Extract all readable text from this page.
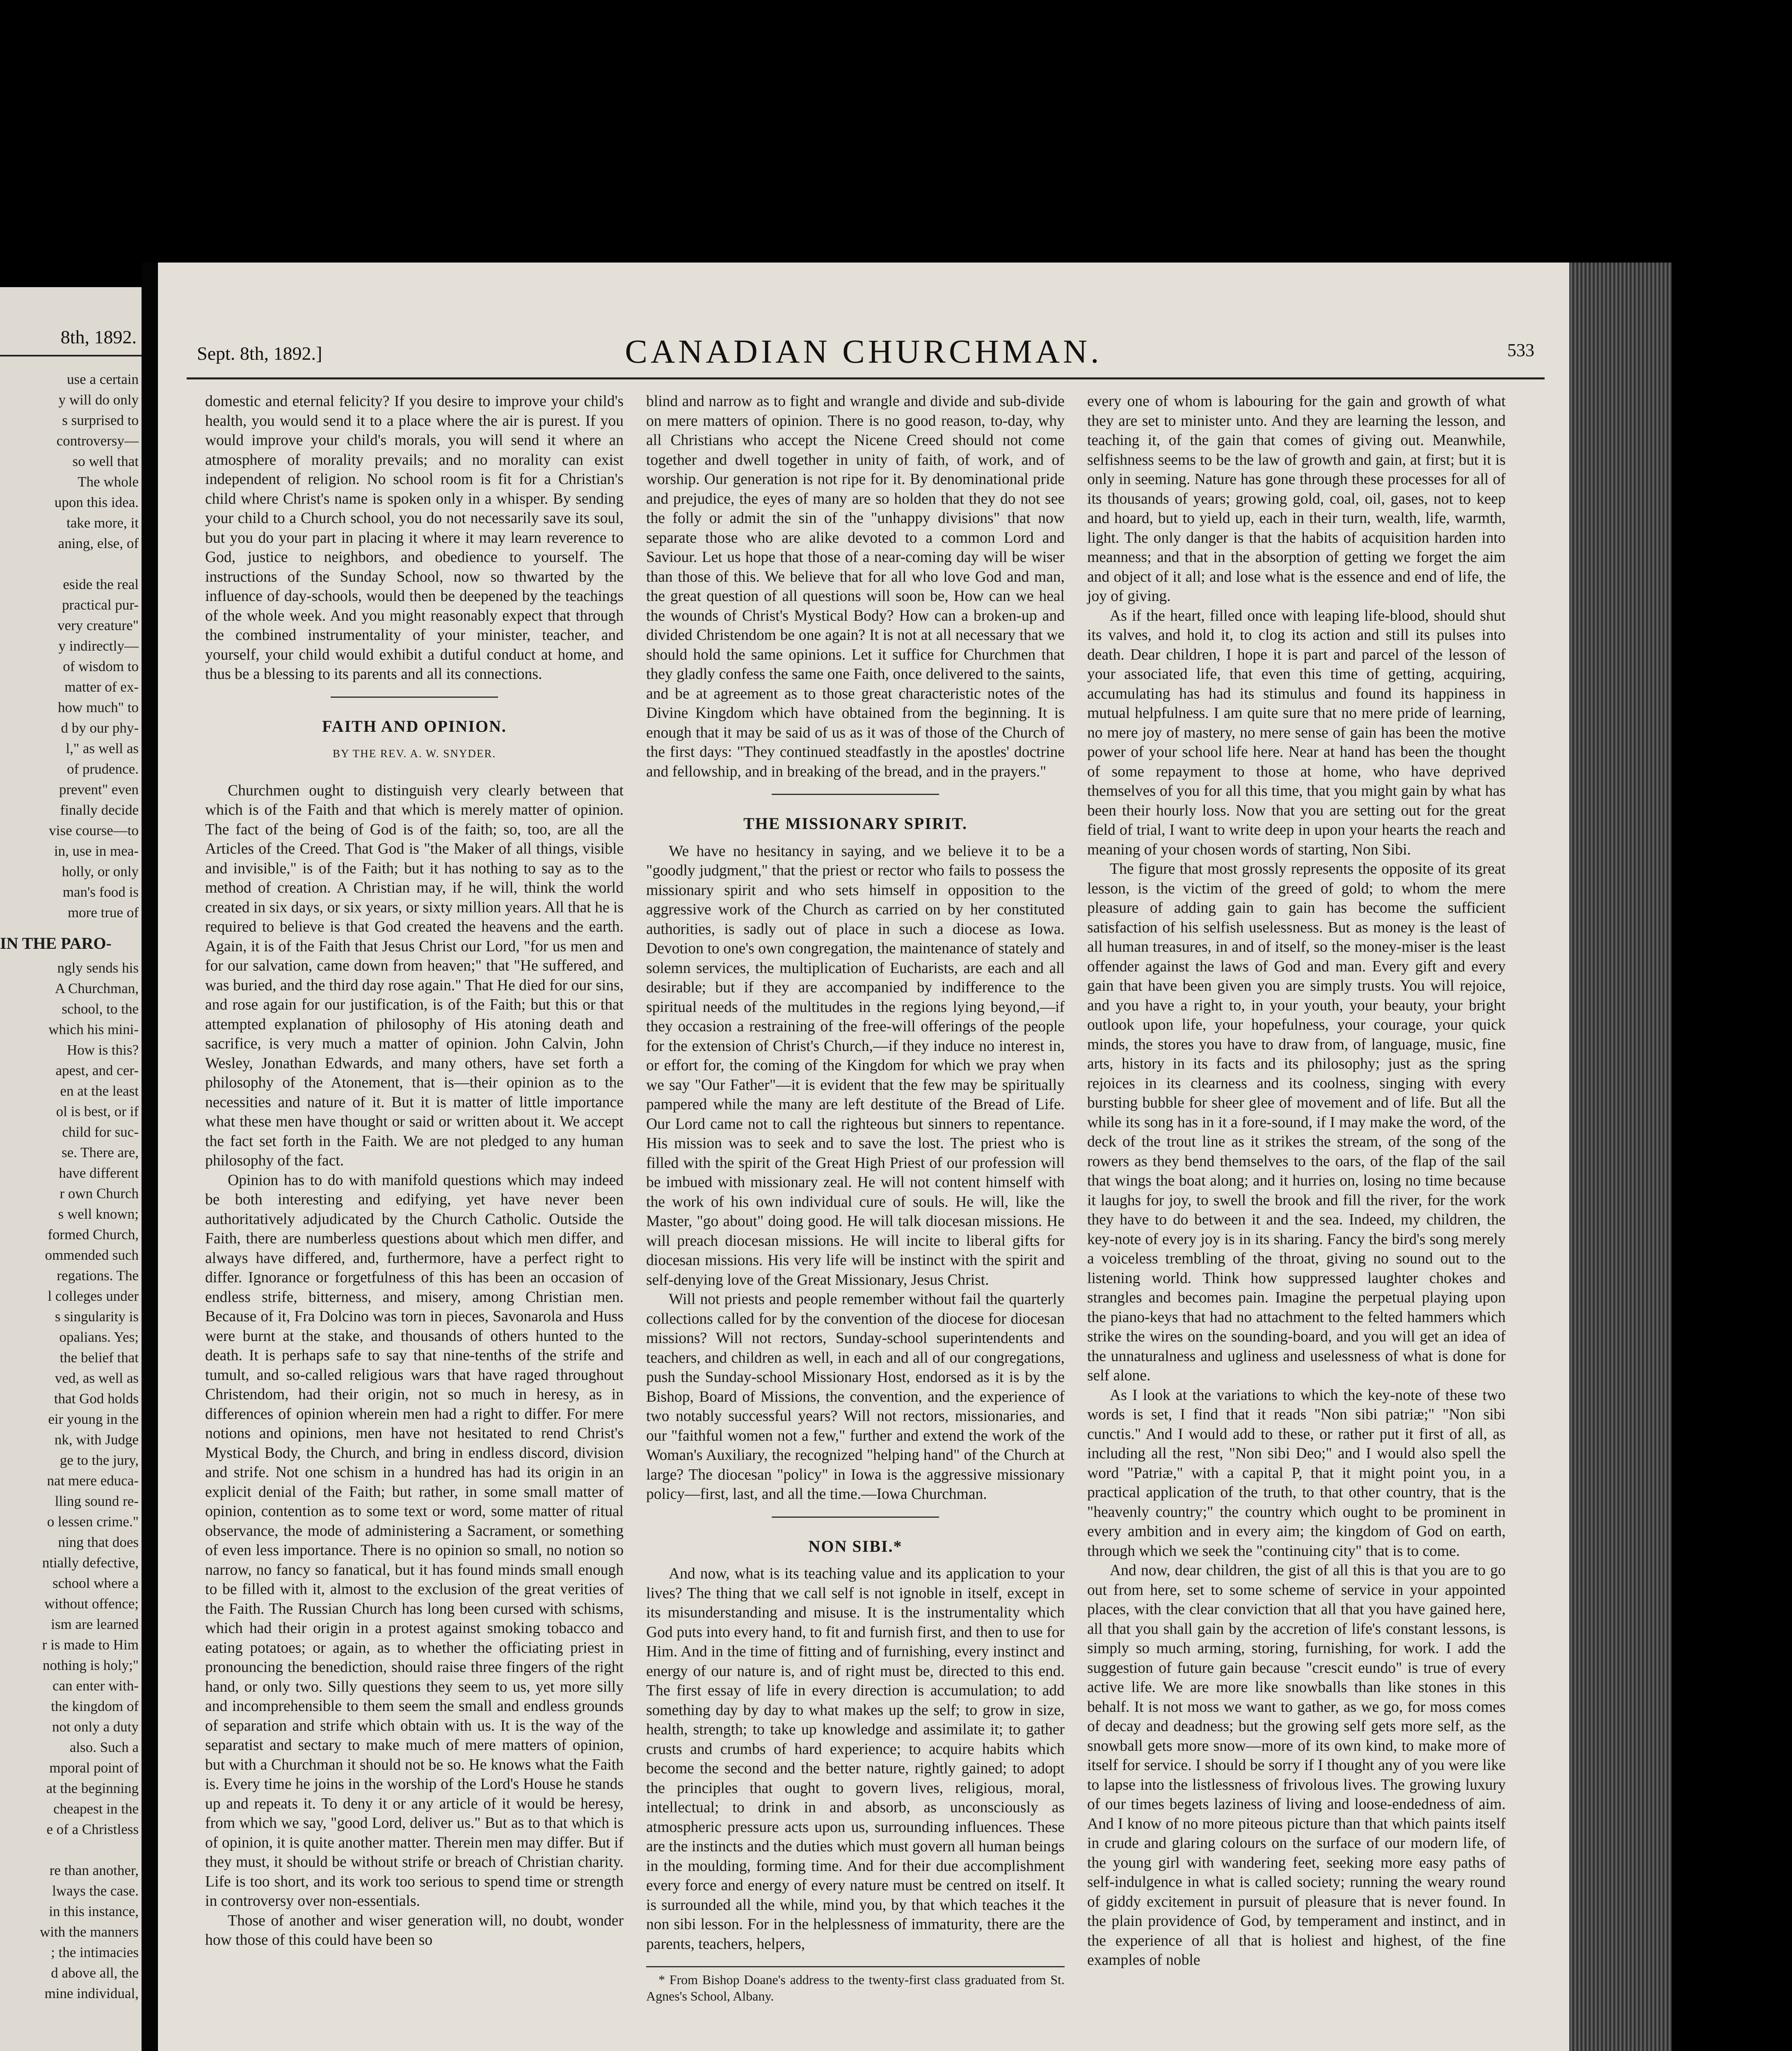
8th, 1892.

use a certain

y will do only

s surprised to

controversy—

so well that

The whole

upon this idea.

take more, it

aning, else, of

eside the real

practical pur-

very creature"

y indirectly—

of wisdom to

matter of ex-

how much" to

d by our phy-

l," as well as

of prudence.

prevent" even

finally decide

vise course—to

in, use in mea-

holly, or only

man's food is

more true of

IN THE PARO-

ngly sends his

A Churchman,

school, to the

which his mini-

How is this?

apest, and cer-

en at the least

ol is best, or if

child for suc-

se. There are,

have different

r own Church

s well known;

formed Church,

ommended such

regations. The

l colleges under

s singularity is

opalians. Yes;

the belief that

ved, as well as

that God holds

eir young in the

nk, with Judge

ge to the jury,

nat mere educa-

lling sound re-

o lessen crime."

ning that does

ntially defective,

school where a

without offence;

ism are learned

r is made to Him

nothing is holy;"

can enter with-

the kingdom of

not only a duty

also. Such a

mporal point of

at the beginning

cheapest in the

e of a Christless

re than another,

lways the case.

in this instance,

with the manners

; the intimacies

d above all, the

mine individual,

Sept. 8th, 1892.]	CANADIAN CHURCHMAN.	533

domestic and eternal felicity? If you desire to improve your child's health, you would send it to a place where the air is purest. If you would improve your child's morals, you will send it where an atmosphere of morality prevails; and no morality can exist independent of religion. No school room is fit for a Christian's child where Christ's name is spoken only in a whisper. By sending your child to a Church school, you do not necessarily save its soul, but you do your part in placing it where it may learn reverence to God, justice to neighbors, and obedience to yourself. The instructions of the Sunday School, now so thwarted by the influence of day-schools, would then be deepened by the teachings of the whole week. And you might reasonably expect that through the combined instrumentality of your minister, teacher, and yourself, your child would exhibit a dutiful conduct at home, and thus be a blessing to its parents and all its connections.

FAITH AND OPINION.
BY THE REV. A. W. SNYDER.

Churchmen ought to distinguish very clearly between that which is of the Faith and that which is merely matter of opinion. The fact of the being of God is of the faith; so, too, are all the Articles of the Creed. That God is "the Maker of all things, visible and invisible," is of the Faith; but it has nothing to say as to the method of creation. A Christian may, if he will, think the world created in six days, or six years, or sixty million years. All that he is required to believe is that God created the heavens and the earth. Again, it is of the Faith that Jesus Christ our Lord, "for us men and for our salvation, came down from heaven;" that "He suffered, and was buried, and the third day rose again." That He died for our sins, and rose again for our justification, is of the Faith; but this or that attempted explanation of philosophy of His atoning death and sacrifice, is very much a matter of opinion. John Calvin, John Wesley, Jonathan Edwards, and many others, have set forth a philosophy of the Atonement, that is—their opinion as to the necessities and nature of it. But it is matter of little importance what these men have thought or said or written about it. We accept the fact set forth in the Faith. We are not pledged to any human philosophy of the fact.

Opinion has to do with manifold questions which may indeed be both interesting and edifying, yet have never been authoritatively adjudicated by the Church Catholic. Outside the Faith, there are numberless questions about which men differ, and always have differed, and, furthermore, have a perfect right to differ. Ignorance or forgetfulness of this has been an occasion of endless strife, bitterness, and misery, among Christian men. Because of it, Fra Dolcino was torn in pieces, Savonarola and Huss were burnt at the stake, and thousands of others hunted to the death. It is perhaps safe to say that nine-tenths of the strife and tumult, and so-called religious wars that have raged throughout Christendom, had their origin, not so much in heresy, as in differences of opinion wherein men had a right to differ. For mere notions and opinions, men have not hesitated to rend Christ's Mystical Body, the Church, and bring in endless discord, division and strife. Not one schism in a hundred has had its origin in an explicit denial of the Faith; but rather, in some small matter of opinion, contention as to some text or word, some matter of ritual observance, the mode of administering a Sacrament, or something of even less importance. There is no opinion so small, no notion so narrow, no fancy so fanatical, but it has found minds small enough to be filled with it, almost to the exclusion of the great verities of the Faith. The Russian Church has long been cursed with schisms, which had their origin in a protest against smoking tobacco and eating potatoes; or again, as to whether the officiating priest in pronouncing the benediction, should raise three fingers of the right hand, or only two. Silly questions they seem to us, yet more silly and incomprehensible to them seem the small and endless grounds of separation and strife which obtain with us. It is the way of the separatist and sectary to make much of mere matters of opinion, but with a Churchman it should not be so. He knows what the Faith is. Every time he joins in the worship of the Lord's House he stands up and repeats it. To deny it or any article of it would be heresy, from which we say, "good Lord, deliver us." But as to that which is of opinion, it is quite another matter. Therein men may differ. But if they must, it should be without strife or breach of Christian charity. Life is too short, and its work too serious to spend time or strength in controversy over non-essentials.

Those of another and wiser generation will, no doubt, wonder how those of this could have been so

blind and narrow as to fight and wrangle and divide and sub-divide on mere matters of opinion. There is no good reason, to-day, why all Christians who accept the Nicene Creed should not come together and dwell together in unity of faith, of work, and of worship. Our generation is not ripe for it. By denominational pride and prejudice, the eyes of many are so holden that they do not see the folly or admit the sin of the "unhappy divisions" that now separate those who are alike devoted to a common Lord and Saviour. Let us hope that those of a near-coming day will be wiser than those of this. We believe that for all who love God and man, the great question of all questions will soon be, How can we heal the wounds of Christ's Mystical Body? How can a broken-up and divided Christendom be one again? It is not at all necessary that we should hold the same opinions. Let it suffice for Churchmen that they gladly confess the same one Faith, once delivered to the saints, and be at agreement as to those great characteristic notes of the Divine Kingdom which have obtained from the beginning. It is enough that it may be said of us as it was of those of the Church of the first days: "They continued steadfastly in the apostles' doctrine and fellowship, and in breaking of the bread, and in the prayers."

THE MISSIONARY SPIRIT.

We have no hesitancy in saying, and we believe it to be a "goodly judgment," that the priest or rector who fails to possess the missionary spirit and who sets himself in opposition to the aggressive work of the Church as carried on by her constituted authorities, is sadly out of place in such a diocese as Iowa. Devotion to one's own congregation, the maintenance of stately and solemn services, the multiplication of Eucharists, are each and all desirable; but if they are accompanied by indifference to the spiritual needs of the multitudes in the regions lying beyond,—if they occasion a restraining of the free-will offerings of the people for the extension of Christ's Church,—if they induce no interest in, or effort for, the coming of the Kingdom for which we pray when we say "Our Father"—it is evident that the few may be spiritually pampered while the many are left destitute of the Bread of Life. Our Lord came not to call the righteous but sinners to repentance. His mission was to seek and to save the lost. The priest who is filled with the spirit of the Great High Priest of our profession will be imbued with missionary zeal. He will not content himself with the work of his own individual cure of souls. He will, like the Master, "go about" doing good. He will talk diocesan missions. He will preach diocesan missions. He will incite to liberal gifts for diocesan missions. His very life will be instinct with the spirit and self-denying love of the Great Missionary, Jesus Christ.

Will not priests and people remember without fail the quarterly collections called for by the convention of the diocese for diocesan missions? Will not rectors, Sunday-school superintendents and teachers, and children as well, in each and all of our congregations, push the Sunday-school Missionary Host, endorsed as it is by the Bishop, Board of Missions, the convention, and the experience of two notably successful years? Will not rectors, missionaries, and our "faithful women not a few," further and extend the work of the Woman's Auxiliary, the recognized "helping hand" of the Church at large? The diocesan "policy" in Iowa is the aggressive missionary policy—first, last, and all the time.—Iowa Churchman.

NON SIBI.*

And now, what is its teaching value and its application to your lives? The thing that we call self is not ignoble in itself, except in its misunderstanding and misuse. It is the instrumentality which God puts into every hand, to fit and furnish first, and then to use for Him. And in the time of fitting and of furnishing, every instinct and energy of our nature is, and of right must be, directed to this end. The first essay of life in every direction is accumulation; to add something day by day to what makes up the self; to grow in size, health, strength; to take up knowledge and assimilate it; to gather crusts and crumbs of hard experience; to acquire habits which become the second and the better nature, rightly gained; to adopt the principles that ought to govern lives, religious, moral, intellectual; to drink in and absorb, as unconsciously as atmospheric pressure acts upon us, surrounding influences. These are the instincts and the duties which must govern all human beings in the moulding, forming time. And for their due accomplishment every force and energy of every nature must be centred on itself. It is surrounded all the while, mind you, by that which teaches it the non sibi lesson. For in the helplessness of immaturity, there are the parents, teachers, helpers,

* From Bishop Doane's address to the twenty-first class graduated from St. Agnes's School, Albany.

every one of whom is labouring for the gain and growth of what they are set to minister unto. And they are learning the lesson, and teaching it, of the gain that comes of giving out. Meanwhile, selfishness seems to be the law of growth and gain, at first; but it is only in seeming. Nature has gone through these processes for all of its thousands of years; growing gold, coal, oil, gases, not to keep and hoard, but to yield up, each in their turn, wealth, life, warmth, light. The only danger is that the habits of acquisition harden into meanness; and that in the absorption of getting we forget the aim and object of it all; and lose what is the essence and end of life, the joy of giving.

As if the heart, filled once with leaping life-blood, should shut its valves, and hold it, to clog its action and still its pulses into death. Dear children, I hope it is part and parcel of the lesson of your associated life, that even this time of getting, acquiring, accumulating has had its stimulus and found its happiness in mutual helpfulness. I am quite sure that no mere pride of learning, no mere joy of mastery, no mere sense of gain has been the motive power of your school life here. Near at hand has been the thought of some repayment to those at home, who have deprived themselves of you for all this time, that you might gain by what has been their hourly loss. Now that you are setting out for the great field of trial, I want to write deep in upon your hearts the reach and meaning of your chosen words of starting, Non Sibi.

The figure that most grossly represents the opposite of its great lesson, is the victim of the greed of gold; to whom the mere pleasure of adding gain to gain has become the sufficient satisfaction of his selfish uselessness. But as money is the least of all human treasures, in and of itself, so the money-miser is the least offender against the laws of God and man. Every gift and every gain that have been given you are simply trusts. You will rejoice, and you have a right to, in your youth, your beauty, your bright outlook upon life, your hopefulness, your courage, your quick minds, the stores you have to draw from, of language, music, fine arts, history in its facts and its philosophy; just as the spring rejoices in its clearness and its coolness, singing with every bursting bubble for sheer glee of movement and of life. But all the while its song has in it a fore-sound, if I may make the word, of the deck of the trout line as it strikes the stream, of the song of the rowers as they bend themselves to the oars, of the flap of the sail that wings the boat along; and it hurries on, losing no time because it laughs for joy, to swell the brook and fill the river, for the work they have to do between it and the sea. Indeed, my children, the key-note of every joy is in its sharing. Fancy the bird's song merely a voiceless trembling of the throat, giving no sound out to the listening world. Think how suppressed laughter chokes and strangles and becomes pain. Imagine the perpetual playing upon the piano-keys that had no attachment to the felted hammers which strike the wires on the sounding-board, and you will get an idea of the unnaturalness and ugliness and uselessness of what is done for self alone.

As I look at the variations to which the key-note of these two words is set, I find that it reads "Non sibi patriæ;" "Non sibi cunctis." And I would add to these, or rather put it first of all, as including all the rest, "Non sibi Deo;" and I would also spell the word "Patriæ," with a capital P, that it might point you, in a practical application of the truth, to that other country, that is the "heavenly country;" the country which ought to be prominent in every ambition and in every aim; the kingdom of God on earth, through which we seek the "continuing city" that is to come.

And now, dear children, the gist of all this is that you are to go out from here, set to some scheme of service in your appointed places, with the clear conviction that all that you have gained here, all that you shall gain by the accretion of life's constant lessons, is simply so much arming, storing, furnishing, for work. I add the suggestion of future gain because "crescit eundo" is true of every active life. We are more like snowballs than like stones in this behalf. It is not moss we want to gather, as we go, for moss comes of decay and deadness; but the growing self gets more self, as the snowball gets more snow—more of its own kind, to make more of itself for service. I should be sorry if I thought any of you were like to lapse into the listlessness of frivolous lives. The growing luxury of our times begets laziness of living and loose-endedness of aim. And I know of no more piteous picture than that which paints itself in crude and glaring colours on the surface of our modern life, of the young girl with wandering feet, seeking more easy paths of self-indulgence in what is called society; running the weary round of giddy excitement in pursuit of pleasure that is never found. In the plain providence of God, by temperament and instinct, and in the experience of all that is holiest and highest, of the fine examples of noble
